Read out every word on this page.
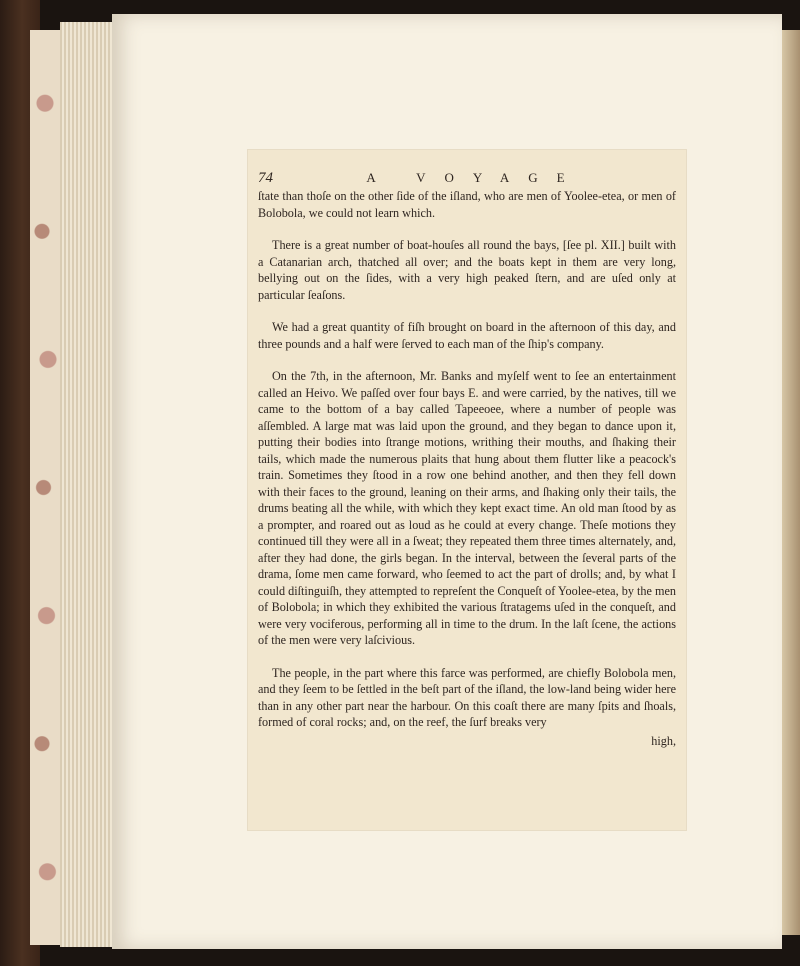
74	A VOYAGE

ſtate than thoſe on the other ſide of the iſland, who are men of Yoolee-etea, or men of Bolobola, we could not learn which.

There is a great number of boat-houſes all round the bays, [ſee pl. XII.] built with a Catanarian arch, thatched all over; and the boats kept in them are very long, bellying out on the ſides, with a very high peaked ſtern, and are uſed only at particular ſeaſons.

We had a great quantity of fiſh brought on board in the afternoon of this day, and three pounds and a half were ſerved to each man of the ſhip's company.

On the 7th, in the afternoon, Mr. Banks and myſelf went to ſee an entertainment called an Heivo. We paſſed over four bays E. and were carried, by the natives, till we came to the bottom of a bay called Tapeeoee, where a number of people was aſſembled. A large mat was laid upon the ground, and they began to dance upon it, putting their bodies into ſtrange motions, writhing their mouths, and ſhaking their tails, which made the numerous plaits that hung about them flutter like a peacock's train. Sometimes they ſtood in a row one behind another, and then they fell down with their faces to the ground, leaning on their arms, and ſhaking only their tails, the drums beating all the while, with which they kept exact time. An old man ſtood by as a prompter, and roared out as loud as he could at every change. Theſe motions they continued till they were all in a ſweat; they repeated them three times alternately, and, after they had done, the girls began. In the interval, between the ſeveral parts of the drama, ſome men came forward, who ſeemed to act the part of drolls; and, by what I could diſtinguiſh, they attempted to repreſent the Conqueſt of Yoolee-etea, by the men of Bolobola; in which they exhibited the various ſtratagems uſed in the conqueſt, and were very vociferous, performing all in time to the drum. In the laſt ſcene, the actions of the men were very laſcivious.

The people, in the part where this farce was performed, are chiefly Bolobola men, and they ſeem to be ſettled in the beſt part of the iſland, the low-land being wider here than in any other part near the harbour. On this coaſt there are many ſpits and ſhoals, formed of coral rocks; and, on the reef, the ſurf breaks very

high,
